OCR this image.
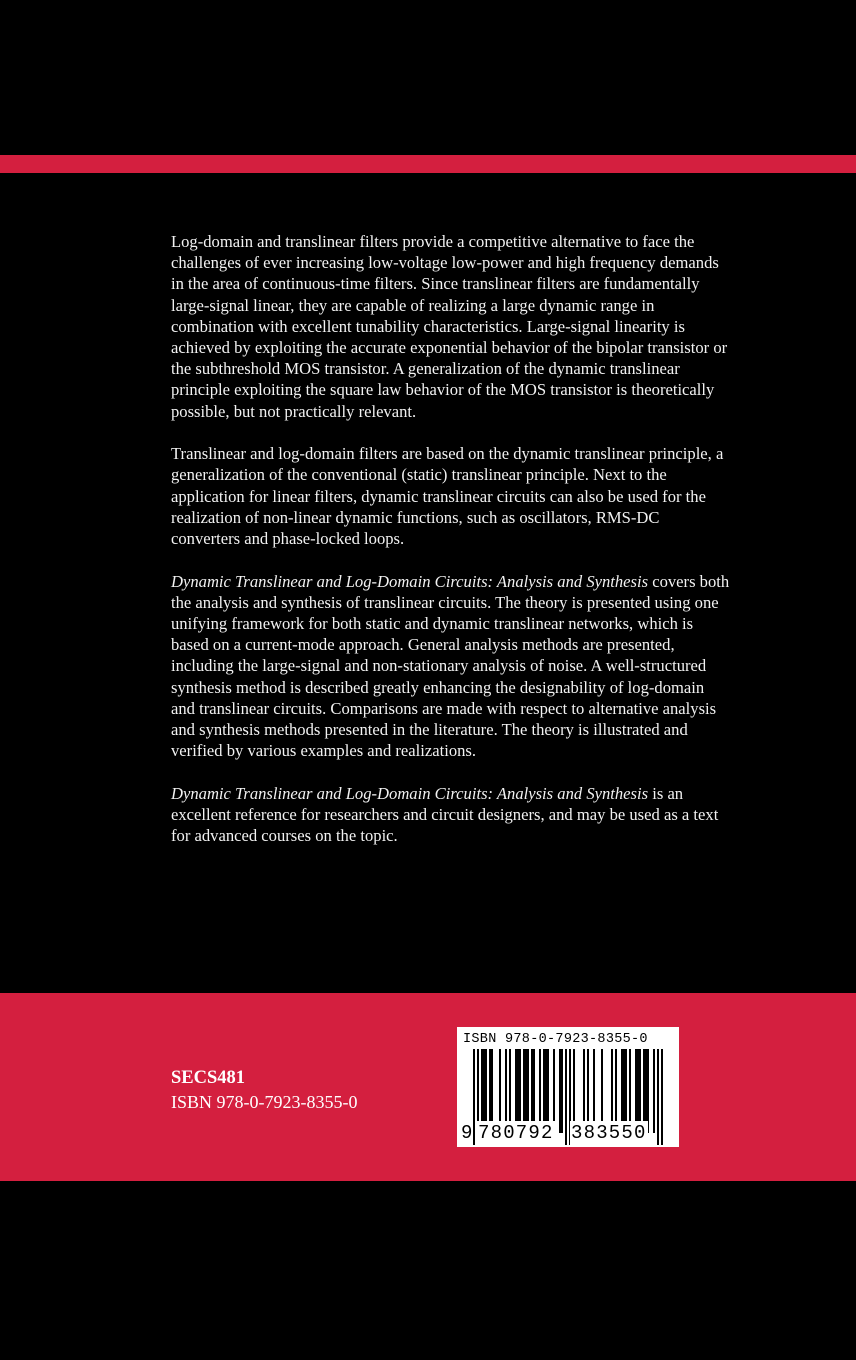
Log-domain and translinear filters provide a competitive alternative to face the challenges of ever increasing low-voltage low-power and high frequency demands in the area of continuous-time filters. Since translinear filters are fundamentally large-signal linear, they are capable of realizing a large dynamic range in combination with excellent tunability characteristics. Large-signal linearity is achieved by exploiting the accurate exponential behavior of the bipolar transistor or the subthreshold MOS transistor. A generalization of the dynamic translinear principle exploiting the square law behavior of the MOS transistor is theoretically possible, but not practically relevant.

Translinear and log-domain filters are based on the dynamic translinear principle, a generalization of the conventional (static) translinear principle. Next to the application for linear filters, dynamic translinear circuits can also be used for the realization of non-linear dynamic functions, such as oscillators, RMS-DC converters and phase-locked loops.

Dynamic Translinear and Log-Domain Circuits: Analysis and Synthesis covers both the analysis and synthesis of translinear circuits. The theory is presented using one unifying framework for both static and dynamic translinear networks, which is based on a current-mode approach. General analysis methods are presented, including the large-signal and non-stationary analysis of noise. A well-structured synthesis method is described greatly enhancing the designability of log-domain and translinear circuits. Comparisons are made with respect to alternative analysis and synthesis methods presented in the literature. The theory is illustrated and verified by various examples and realizations.

Dynamic Translinear and Log-Domain Circuits: Analysis and Synthesis is an excellent reference for researchers and circuit designers, and may be used as a text for advanced courses on the topic.

SECS481
ISBN 978-0-7923-8355-0
ISBN 978-0-7923-8355-0
9 780792 383550
